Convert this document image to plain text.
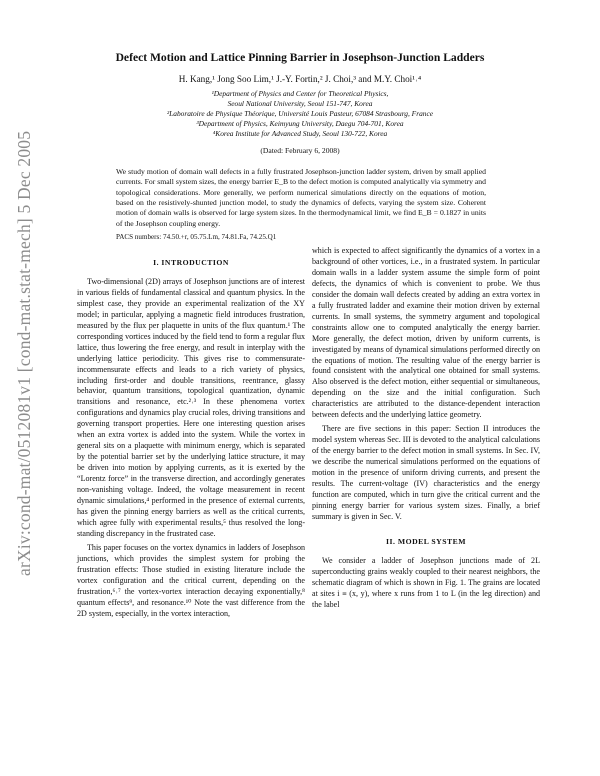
arXiv:cond-mat/0512081v1 [cond-mat.stat-mech] 5 Dec 2005
Defect Motion and Lattice Pinning Barrier in Josephson-Junction Ladders
H. Kang,¹ Jong Soo Lim,¹ J.-Y. Fortin,² J. Choi,³ and M.Y. Choi¹˒⁴
¹Department of Physics and Center for Theoretical Physics,
Seoul National University, Seoul 151-747, Korea
²Laboratoire de Physique Théorique, Université Louis Pasteur, 67084 Strasbourg, France
³Department of Physics, Keimyung University, Daegu 704-701, Korea
⁴Korea Institute for Advanced Study, Seoul 130-722, Korea
(Dated: February 6, 2008)
We study motion of domain wall defects in a fully frustrated Josephson-junction ladder system, driven by small applied currents. For small system sizes, the energy barrier E_B to the defect motion is computed analytically via symmetry and topological considerations. More generally, we perform numerical simulations directly on the equations of motion, based on the resistively-shunted junction model, to study the dynamics of defects, varying the system size. Coherent motion of domain walls is observed for large system sizes. In the thermodynamical limit, we find E_B = 0.1827 in units of the Josephson coupling energy.
PACS numbers: 74.50.+r, 05.75.Lm, 74.81.Fa, 74.25.Q1
I. INTRODUCTION

Two-dimensional (2D) arrays of Josephson junctions are of interest in various fields of fundamental classical and quantum physics. In the simplest case, they provide an experimental realization of the XY model; in particular, applying a magnetic field introduces frustration, measured by the flux per plaquette in units of the flux quantum.¹ The corresponding vortices induced by the field tend to form a regular flux lattice, thus lowering the free energy, and result in interplay with the underlying lattice periodicity. This gives rise to commensurate-incommensurate effects and leads to a rich variety of physics, including first-order and double transitions, reentrance, glassy behavior, quantum transitions, topological quantization, dynamic transitions and resonance, etc.²˒³ In these phenomena vortex configurations and dynamics play crucial roles, driving transitions and governing transport properties. Here one interesting question arises when an extra vortex is added into the system. While the vortex in general sits on a plaquette with minimum energy, which is separated by the potential barrier set by the underlying lattice structure, it may be driven into motion by applying currents, as it is exerted by the “Lorentz force” in the transverse direction, and accordingly generates non-vanishing voltage. Indeed, the voltage measurement in recent dynamic simulations,⁴ performed in the presence of external currents, has given the pinning energy barriers as well as the critical currents, which agree fully with experimental results,⁵ thus resolved the long-standing discrepancy in the frustrated case.

This paper focuses on the vortex dynamics in ladders of Josephson junctions, which provides the simplest system for probing the frustration effects: Those studied in existing literature include the vortex configuration and the critical current, depending on the frustration,⁶˒⁷ the vortex-vortex interaction decaying exponentially,⁸ quantum effects⁹, and resonance.¹⁰ Note the vast difference from the 2D system, especially, in the vortex interaction,

which is expected to affect significantly the dynamics of a vortex in a background of other vortices, i.e., in a frustrated system. In particular domain walls in a ladder system assume the simple form of point defects, the dynamics of which is convenient to probe. We thus consider the domain wall defects created by adding an extra vortex in a fully frustrated ladder and examine their motion driven by external currents. In small systems, the symmetry argument and topological constraints allow one to computed analytically the energy barrier. More generally, the defect motion, driven by uniform currents, is investigated by means of dynamical simulations performed directly on the equations of motion. The resulting value of the energy barrier is found consistent with the analytical one obtained for small systems. Also observed is the defect motion, either sequential or simultaneous, depending on the size and the initial configuration. Such characteristics are attributed to the distance-dependent interaction between defects and the underlying lattice geometry.

There are five sections in this paper: Section II introduces the model system whereas Sec. III is devoted to the analytical calculations of the energy barrier to the defect motion in small systems. In Sec. IV, we describe the numerical simulations performed on the equations of motion in the presence of uniform driving currents, and present the results. The current-voltage (IV) characteristics and the energy function are computed, which in turn give the critical current and the pinning energy barrier for various system sizes. Finally, a brief summary is given in Sec. V.

II. MODEL SYSTEM

We consider a ladder of Josephson junctions made of 2L superconducting grains weakly coupled to their nearest neighbors, the schematic diagram of which is shown in Fig. 1. The grains are located at sites i ≡ (x, y), where x runs from 1 to L (in the leg direction) and the label
